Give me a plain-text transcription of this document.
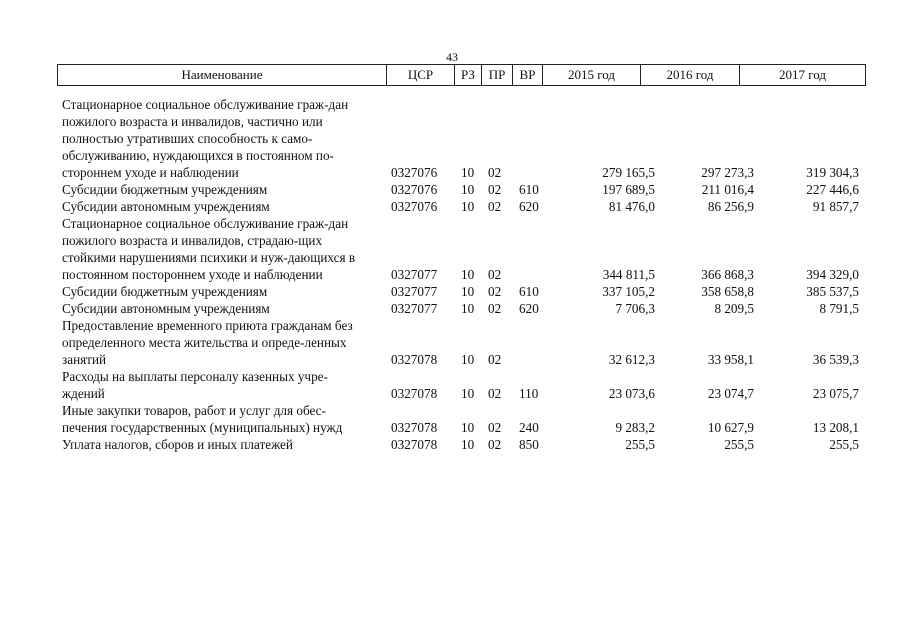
43
Наименование	ЦСР	РЗ	ПР	ВР	2015 год	2016 год	2017 год
Стационарное социальное обслуживание граж-дан пожилого возраста и инвалидов, частично или полностью утративших способность к само-обслуживанию, нуждающихся в постоянном по-стороннем уходе и наблюдении	0327076 10 02	279 165,5	297 273,3	319 304,3
Субсидии бюджетным учреждениям	0327076 10 02 610	197 689,5	211 016,4	227 446,6
Субсидии автономным учреждениям	0327076 10 02 620	81 476,0	86 256,9	91 857,7
Стационарное социальное обслуживание граж-дан пожилого возраста и инвалидов, страдаю-щих стойкими нарушениями психики и нуж-дающихся в постоянном постороннем уходе и наблюдении	0327077 10 02	344 811,5	366 868,3	394 329,0
Субсидии бюджетным учреждениям	0327077 10 02 610	337 105,2	358 658,8	385 537,5
Субсидии автономным учреждениям	0327077 10 02 620	7 706,3	8 209,5	8 791,5
Предоставление временного приюта гражданам без определенного места жительства и опреде-ленных занятий	0327078 10 02	32 612,3	33 958,1	36 539,3
Расходы на выплаты персоналу казенных учре-ждений	0327078 10 02 110	23 073,6	23 074,7	23 075,7
Иные закупки товаров, работ и услуг для обес-печения государственных (муниципальных) нужд	0327078 10 02 240	9 283,2	10 627,9	13 208,1
Уплата налогов, сборов и иных платежей	0327078 10 02 850	255,5	255,5	255,5
